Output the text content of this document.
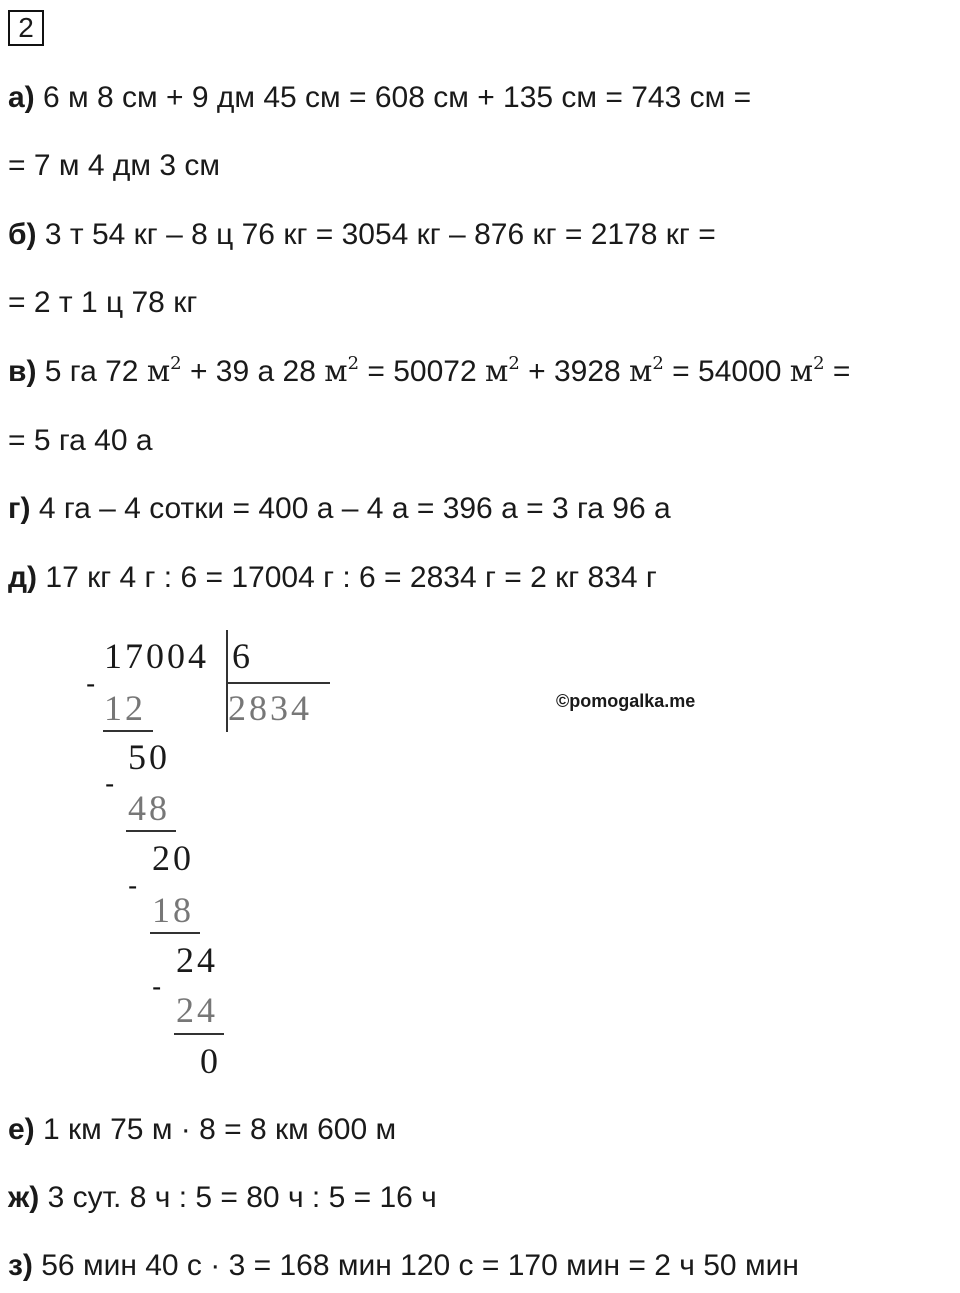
2
а) 6 м 8 см + 9 дм 45 см = 608 см + 135 см = 743 см =
= 7 м 4 дм 3 см
б) 3 т 54 кг – 8 ц 76 кг = 3054 кг – 876 кг = 2178 кг =
= 2 т 1 ц 78 кг
в) 5 га 72 $м^2 + 39$ а 28 $м^2 = 50072$ $м^2 + 3928$ $м^2 = 54000$ $м^2$ =
= 5 га 40 а
г) 4 га – 4 сотки = 400 а – 4 а = 396 а = 3 га 96 а
д) 17 кг 4 г : 6 = 17004 г : 6 = 2834 г = 2 кг 834 г
17004 6
2834
-
12
50
-
48
20
-
18
24
-
24
0
©pomogalka.me
е) 1 км 75 м · 8 = 8 км 600 м
ж) 3 сут. 8 ч : 5 = 80 ч : 5 = 16 ч
з) 56 мин 40 с · 3 = 168 мин 120 с = 170 мин = 2 ч 50 мин
